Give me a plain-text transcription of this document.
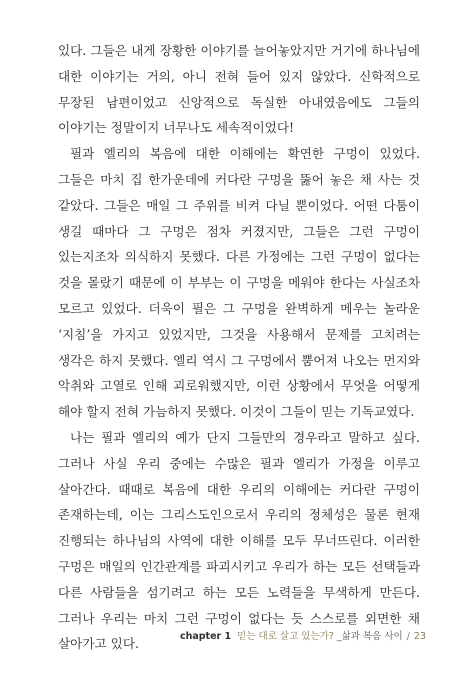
있다. 그들은 내게 장황한 이야기를 늘어놓았지만 거기에 하나님에 대한 이야기는 거의, 아니 전혀 들어 있지 않았다. 신학적으로 무장된 남편이었고 신앙적으로 독실한 아내였음에도 그들의 이야기는 정말이지 너무나도 세속적이었다!

필과 엘리의 복음에 대한 이해에는 확연한 구멍이 있었다. 그들은 마치 집 한가운데에 커다란 구멍을 뚫어 놓은 채 사는 것 같았다. 그들은 매일 그 주위를 비켜 다닐 뿐이었다. 어떤 다툼이 생길 때마다 그 구멍은 점차 커졌지만, 그들은 그런 구멍이 있는지조차 의식하지 못했다. 다른 가정에는 그런 구멍이 없다는 것을 몰랐기 때문에 이 부부는 이 구멍을 메워야 한다는 사실조차 모르고 있었다. 더욱이 필은 그 구멍을 완벽하게 메우는 놀라운 ‘지침’을 가지고 있었지만, 그것을 사용해서 문제를 고치려는 생각은 하지 못했다. 엘리 역시 그 구멍에서 뿜어져 나오는 먼지와 악취와 고열로 인해 괴로워했지만, 이런 상황에서 무엇을 어떻게 해야 할지 전혀 가늠하지 못했다. 이것이 그들이 믿는 기독교였다.

나는 필과 엘리의 예가 단지 그들만의 경우라고 말하고 싶다. 그러나 사실 우리 중에는 수많은 필과 엘리가 가정을 이루고 살아간다. 때때로 복음에 대한 우리의 이해에는 커다란 구멍이 존재하는데, 이는 그리스도인으로서 우리의 정체성은 물론 현재 진행되는 하나님의 사역에 대한 이해를 모두 무너뜨린다. 이러한 구멍은 매일의 인간관계를 파괴시키고 우리가 하는 모든 선택들과 다른 사람들을 섬기려고 하는 모든 노력들을 무색하게 만든다. 그러나 우리는 마치 그런 구멍이 없다는 듯 스스로를 외면한 채 살아가고 있다.	chapter 1 믿는 대로 살고 있는가? _삶과 복음 사이 / 23
